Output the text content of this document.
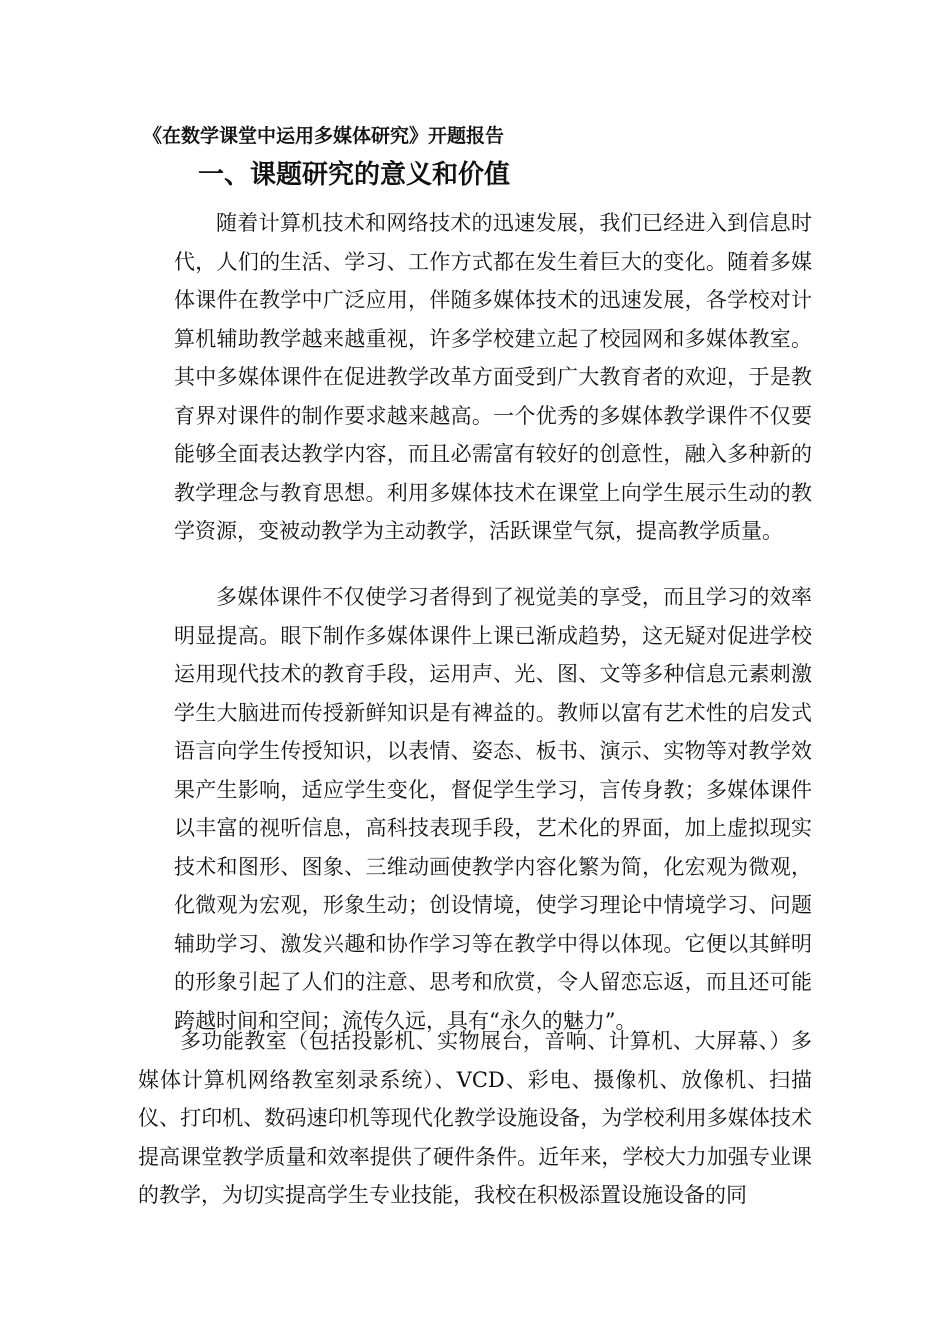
《在数学课堂中运用多媒体研究》开题报告
一、课题研究的意义和价值

随着计算机技术和网络技术的迅速发展，我们已经进入到信息时代，人们的生活、学习、工作方式都在发生着巨大的变化。随着多媒体课件在教学中广泛应用，伴随多媒体技术的迅速发展，各学校对计算机辅助教学越来越重视，许多学校建立起了校园网和多媒体教室。其中多媒体课件在促进教学改革方面受到广大教育者的欢迎，于是教育界对课件的制作要求越来越高。一个优秀的多媒体教学课件不仅要能够全面表达教学内容，而且必需富有较好的创意性，融入多种新的教学理念与教育思想。利用多媒体技术在课堂上向学生展示生动的教学资源，变被动教学为主动教学，活跃课堂气氛，提高教学质量。

多媒体课件不仅使学习者得到了视觉美的享受，而且学习的效率明显提高。眼下制作多媒体课件上课已渐成趋势，这无疑对促进学校运用现代技术的教育手段，运用声、光、图、文等多种信息元素刺激学生大脑进而传授新鲜知识是有裨益的。教师以富有艺术性的启发式语言向学生传授知识，以表情、姿态、板书、演示、实物等对教学效果产生影响，适应学生变化，督促学生学习，言传身教；多媒体课件以丰富的视听信息，高科技表现手段，艺术化的界面，加上虚拟现实技术和图形、图象、三维动画使教学内容化繁为简，化宏观为微观，化微观为宏观，形象生动；创设情境，使学习理论中情境学习、问题辅助学习、激发兴趣和协作学习等在教学中得以体现。它便以其鲜明的形象引起了人们的注意、思考和欣赏，令人留恋忘返，而且还可能跨越时间和空间；流传久远，具有“永久的魅力”。

多功能教室（包括投影机、实物展台，音响、计算机、大屏幕、）多媒体计算机网络教室刻录系统）、VCD、彩电、摄像机、放像机、扫描仪、打印机、数码速印机等现代化教学设施设备，为学校利用多媒体技术提高课堂教学质量和效率提供了硬件条件。近年来，学校大力加强专业课的教学，为切实提高学生专业技能，我校在积极添置设施设备的同
